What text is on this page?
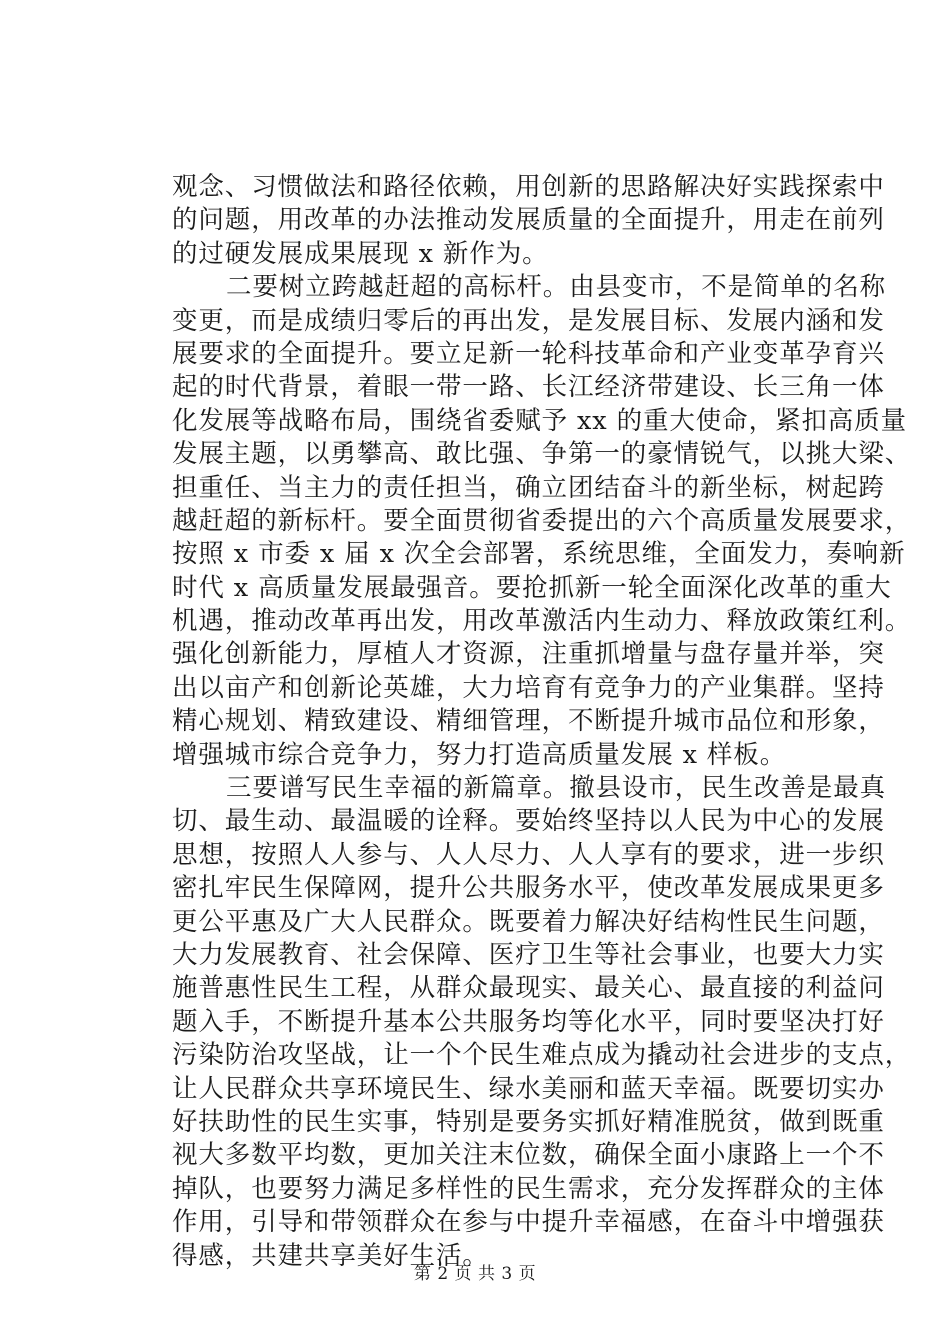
观念、习惯做法和路径依赖，用创新的思路解决好实践探索中
的问题，用改革的办法推动发展质量的全面提升，用走在前列
的过硬发展成果展现 x 新作为。
二要树立跨越赶超的高标杆。由县变市，不是简单的名称
变更，而是成绩归零后的再出发，是发展目标、发展内涵和发
展要求的全面提升。要立足新一轮科技革命和产业变革孕育兴
起的时代背景，着眼一带一路、长江经济带建设、长三角一体
化发展等战略布局，围绕省委赋予 xx 的重大使命，紧扣高质量
发展主题，以勇攀高、敢比强、争第一的豪情锐气，以挑大梁、
担重任、当主力的责任担当，确立团结奋斗的新坐标，树起跨
越赶超的新标杆。要全面贯彻省委提出的六个高质量发展要求，
按照 x 市委 x 届 x 次全会部署，系统思维，全面发力，奏响新
时代 x 高质量发展最强音。要抢抓新一轮全面深化改革的重大
机遇，推动改革再出发，用改革激活内生动力、释放政策红利。
强化创新能力，厚植人才资源，注重抓增量与盘存量并举，突
出以亩产和创新论英雄，大力培育有竞争力的产业集群。坚持
精心规划、精致建设、精细管理，不断提升城市品位和形象，
增强城市综合竞争力，努力打造高质量发展 x 样板。
三要谱写民生幸福的新篇章。撤县设市，民生改善是最真
切、最生动、最温暖的诠释。要始终坚持以人民为中心的发展
思想，按照人人参与、人人尽力、人人享有的要求，进一步织
密扎牢民生保障网，提升公共服务水平，使改革发展成果更多
更公平惠及广大人民群众。既要着力解决好结构性民生问题，
大力发展教育、社会保障、医疗卫生等社会事业，也要大力实
施普惠性民生工程，从群众最现实、最关心、最直接的利益问
题入手，不断提升基本公共服务均等化水平，同时要坚决打好
污染防治攻坚战，让一个个民生难点成为撬动社会进步的支点，
让人民群众共享环境民生、绿水美丽和蓝天幸福。既要切实办
好扶助性的民生实事，特别是要务实抓好精准脱贫，做到既重
视大多数平均数，更加关注末位数，确保全面小康路上一个不
掉队，也要努力满足多样性的民生需求，充分发挥群众的主体
作用，引导和带领群众在参与中提升幸福感，在奋斗中增强获
得感，共建共享美好生活。
第 2 页 共 3 页
